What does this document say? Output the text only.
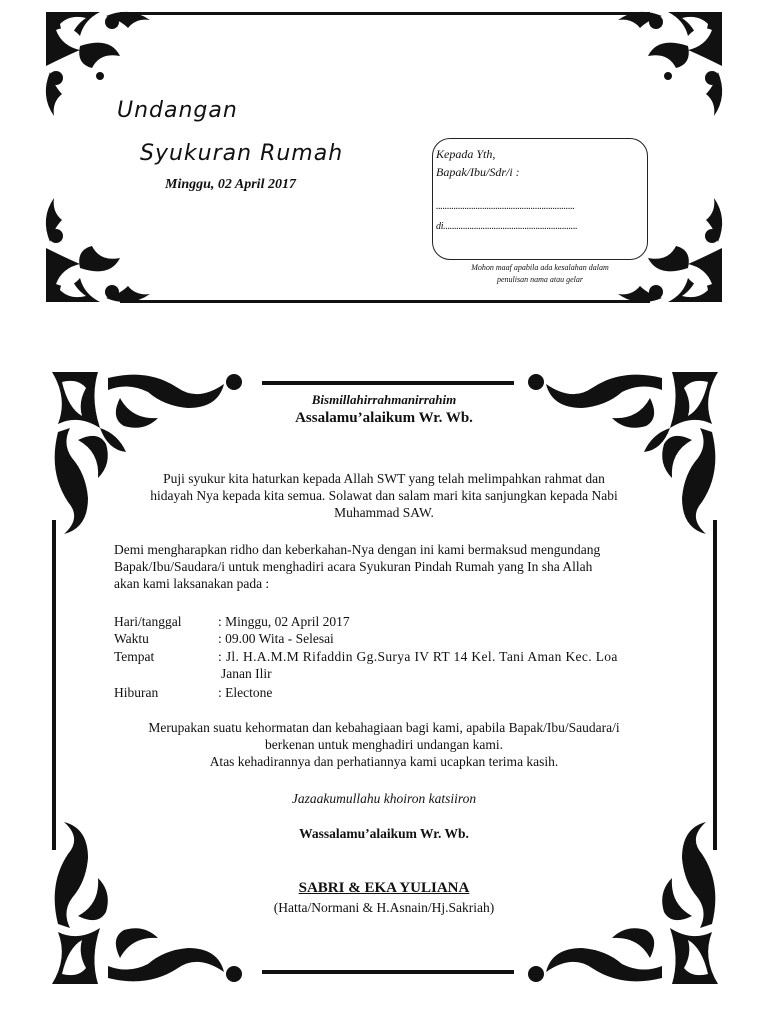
Undangan
Syukuran Rumah
Minggu, 02 April 2017
Kepada Yth,
Bapak/Ibu/Sdr/i :
...............................................................
di.............................................................
Mohon maaf apabila ada kesalahan dalam
penulisan nama atau gelar
Bismillahirrahmanirrahim
Assalamu’alaikum Wr. Wb.
Puji syukur kita haturkan kepada Allah SWT yang telah melimpahkan rahmat dan
hidayah Nya kepada kita semua. Solawat dan salam mari kita sanjungkan kepada Nabi
Muhammad SAW.
Demi mengharapkan ridho dan keberkahan-Nya dengan ini kami bermaksud mengundang
Bapak/Ibu/Saudara/i untuk menghadiri acara Syukuran Pindah Rumah yang In sha Allah
akan kami laksanakan pada :
Hari/tanggal	: Minggu, 02 April 2017
Waktu	: 09.00 Wita - Selesai
Tempat	: Jl. H.A.M.M Rifaddin Gg.Surya IV RT 14 Kel. Tani Aman Kec. Loa
Janan Ilir
Hiburan	: Electone
Merupakan suatu kehormatan dan kebahagiaan bagi kami, apabila Bapak/Ibu/Saudara/i
berkenan untuk menghadiri undangan kami.
Atas kehadirannya dan perhatiannya kami ucapkan terima kasih.
Jazaakumullahu khoiron katsiiron
Wassalamu’alaikum Wr. Wb.
SABRI & EKA YULIANA
(Hatta/Normani & H.Asnain/Hj.Sakriah)
